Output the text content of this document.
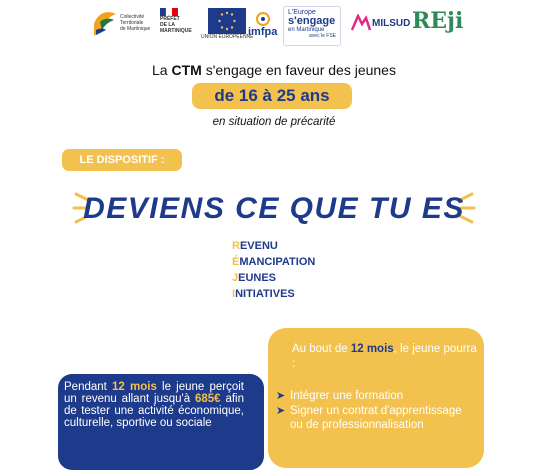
Collectivité
Territoriale
de Martinique
PRÉFET
DE LA
MARTINIQUE
UNION EUROPÉENNE
imfpa
L'Europe
s'engage
en Martinique
avec le FSE
MILSUD REji
La CTM s'engage en faveur des jeunes
de 16 à 25 ans
en situation de précarité
LE DISPOSITIF :
DEVIENS CE QUE TU ES
REVENU
ÉMANCIPATION
JEUNES
INITIATIVES
Au bout de 12 mois, le jeune pourra :
➤ Intégrer une formation
➤ Signer un contrat d'apprentissage ou de professionnalisation
Pendant 12 mois le jeune perçoit un revenu allant jusqu'à 685€ afin de tester une activité économique, culturelle, sportive ou sociale
